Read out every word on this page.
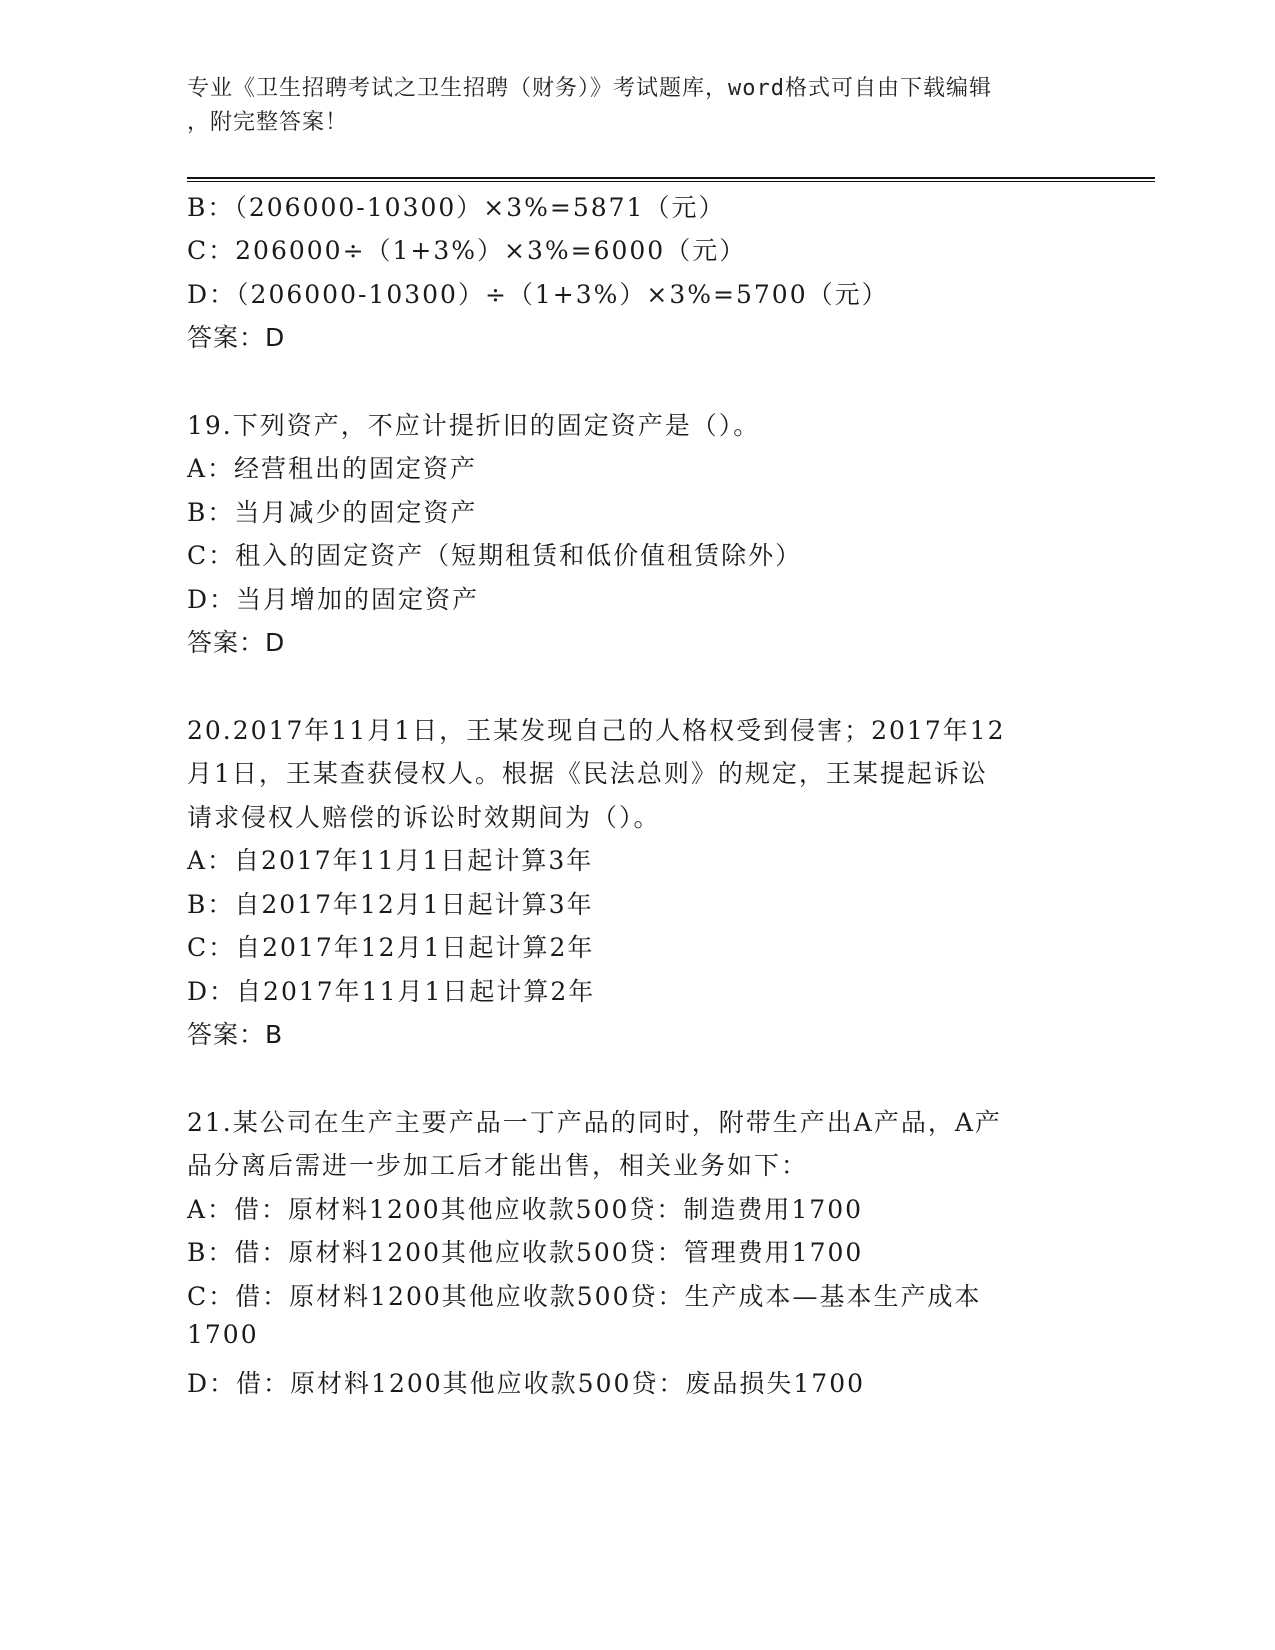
专业《卫生招聘考试之卫生招聘（财务）》考试题库，word格式可自由下载编辑
，附完整答案！
B：（206000-10300）×3%=5871（元）
C：206000÷（1+3%）×3%=6000（元）
D：（206000-10300）÷（1+3%）×3%=5700（元）
答案：D
19.下列资产，不应计提折旧的固定资产是（）。
A：经营租出的固定资产
B：当月减少的固定资产
C：租入的固定资产（短期租赁和低价值租赁除外）
D：当月增加的固定资产
答案：D
20.2017年11月1日，王某发现自己的人格权受到侵害；2017年12
月1日，王某查获侵权人。根据《民法总则》的规定，王某提起诉讼
请求侵权人赔偿的诉讼时效期间为（）。
A：自2017年11月1日起计算3年
B：自2017年12月1日起计算3年
C：自2017年12月1日起计算2年
D：自2017年11月1日起计算2年
答案：B
21.某公司在生产主要产品一丁产品的同时，附带生产出A产品，A产
品分离后需进一步加工后才能出售，相关业务如下：
A：借：原材料1200其他应收款500贷：制造费用1700
B：借：原材料1200其他应收款500贷：管理费用1700
C：借：原材料1200其他应收款500贷：生产成本—基本生产成本
1700
D：借：原材料1200其他应收款500贷：废品损失1700
